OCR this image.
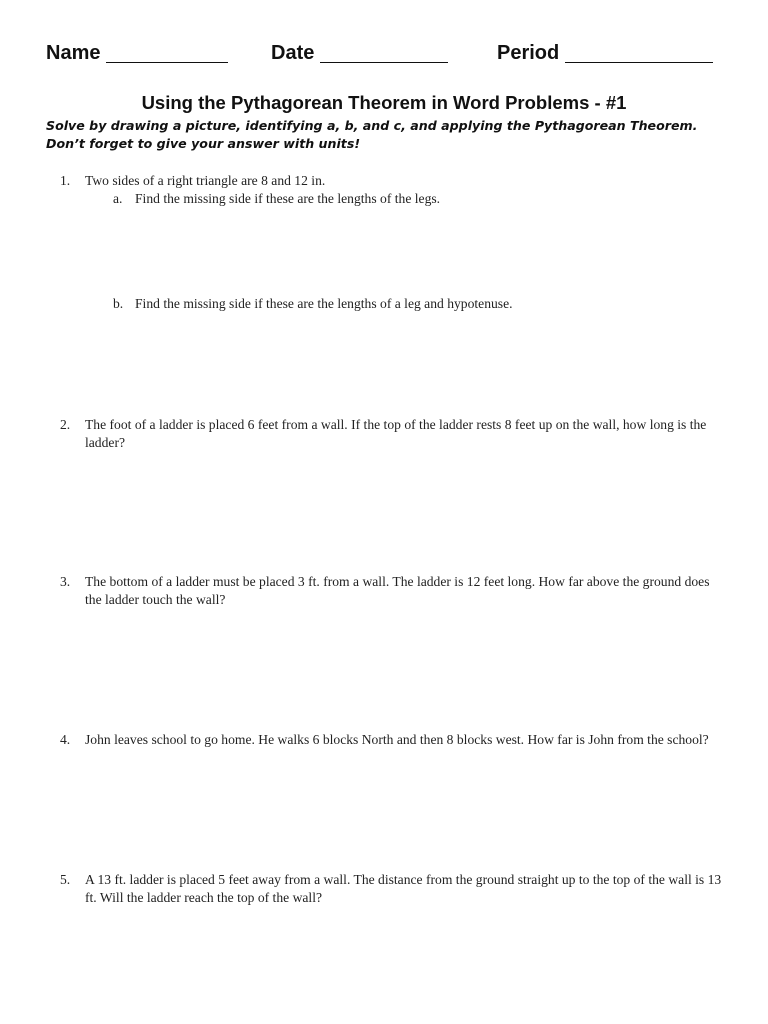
Name	Date	Period
Using the Pythagorean Theorem in Word Problems - #1
Solve by drawing a picture, identifying a, b, and c, and applying the Pythagorean Theorem. Don’t forget to give your answer with units!
1. Two sides of a right triangle are 8 and 12 in.
a. Find the missing side if these are the lengths of the legs.
b. Find the missing side if these are the lengths of a leg and hypotenuse.
2. The foot of a ladder is placed 6 feet from a wall. If the top of the ladder rests 8 feet up on the wall, how long is the ladder?
3. The bottom of a ladder must be placed 3 ft. from a wall. The ladder is 12 feet long. How far above the ground does the ladder touch the wall?
4. John leaves school to go home. He walks 6 blocks North and then 8 blocks west. How far is John from the school?
5. A 13 ft. ladder is placed 5 feet away from a wall. The distance from the ground straight up to the top of the wall is 13 ft. Will the ladder reach the top of the wall?
